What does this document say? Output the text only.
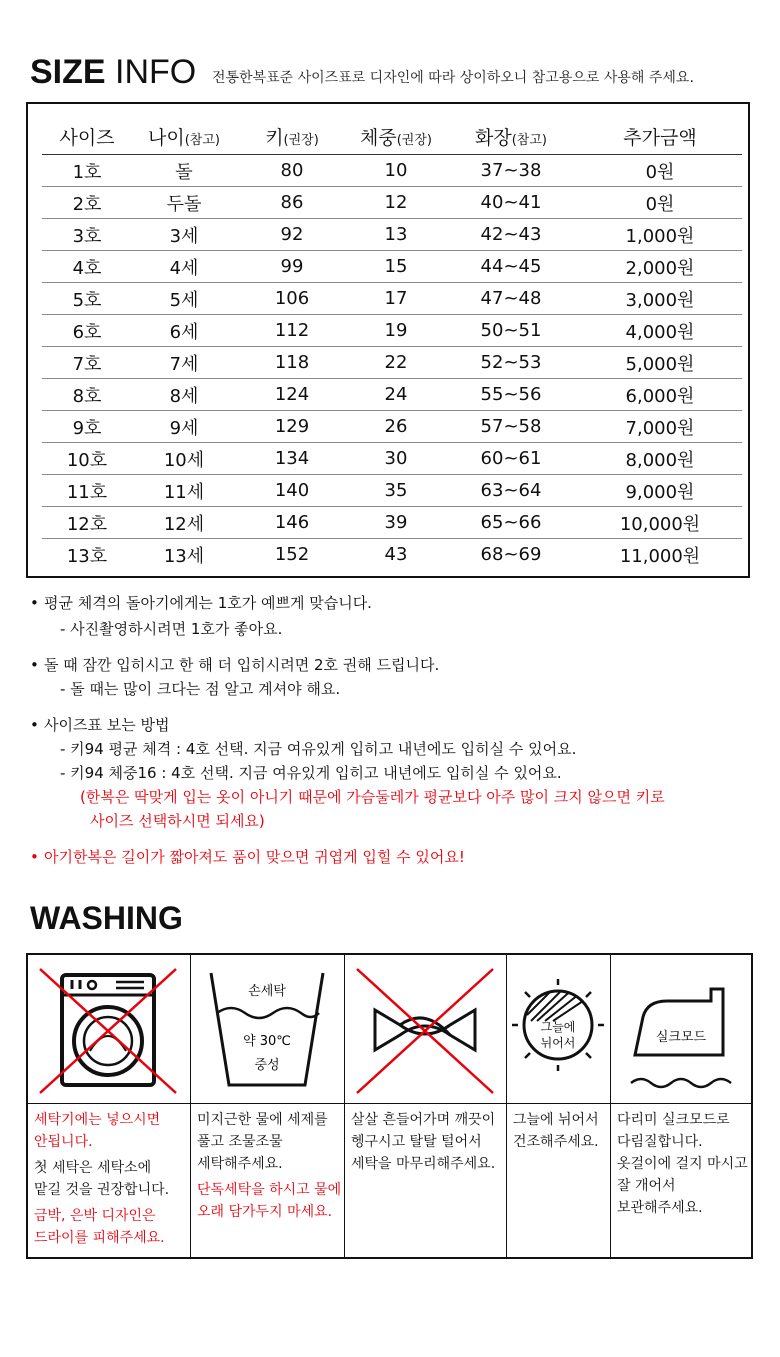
SIZE INFO 전통한복표준 사이즈표로 디자인에 따라 상이하오니 참고용으로 사용해 주세요.
사이즈	나이(참고)	키(권장)	체중(권장)	화장(참고)	추가금액
1호	돌	80	10	37~38	0원
2호	두돌	86	12	40~41	0원
3호	3세	92	13	42~43	1,000원
4호	4세	99	15	44~45	2,000원
5호	5세	106	17	47~48	3,000원
6호	6세	112	19	50~51	4,000원
7호	7세	118	22	52~53	5,000원
8호	8세	124	24	55~56	6,000원
9호	9세	129	26	57~58	7,000원
10호	10세	134	30	60~61	8,000원
11호	11세	140	35	63~64	9,000원
12호	12세	146	39	65~66	10,000원
13호	13세	152	43	68~69	11,000원
• 평균 체격의 돌아기에게는 1호가 예쁘게 맞습니다.
- 사진촬영하시려면 1호가 좋아요.
• 돌 때 잠깐 입히시고 한 해 더 입히시려면 2호 권해 드립니다.
- 돌 때는 많이 크다는 점 알고 계셔야 해요.
• 사이즈표 보는 방법
- 키94 평균 체격 : 4호 선택. 지금 여유있게 입히고 내년에도 입히실 수 있어요.
- 키94 체중16 : 4호 선택. 지금 여유있게 입히고 내년에도 입히실 수 있어요.
(한복은 딱맞게 입는 옷이 아니기 때문에 가슴둘레가 평균보다 아주 많이 크지 않으면 키로
사이즈 선택하시면 되세요)
• 아기한복은 길이가 짧아져도 품이 맞으면 귀엽게 입힐 수 있어요!
WASHING
세탁기에는 넣으시면
안됩니다.
첫 세탁은 세탁소에
맡길 것을 권장합니다.
금박, 은박 디자인은
드라이를 피해주세요.
손세탁
약 30℃
중성
미지근한 물에 세제를
풀고 조물조물
세탁해주세요.
단독세탁을 하시고 물에
오래 담가두지 마세요.
살살 흔들어가며 깨끗이
헹구시고 탈탈 털어서
세탁을 마무리해주세요.
그늘에
뉘어서
그늘에 뉘어서
건조해주세요.
실크모드
다리미 실크모드로
다림질합니다.
옷걸이에 걸지 마시고
잘 개어서
보관해주세요.
